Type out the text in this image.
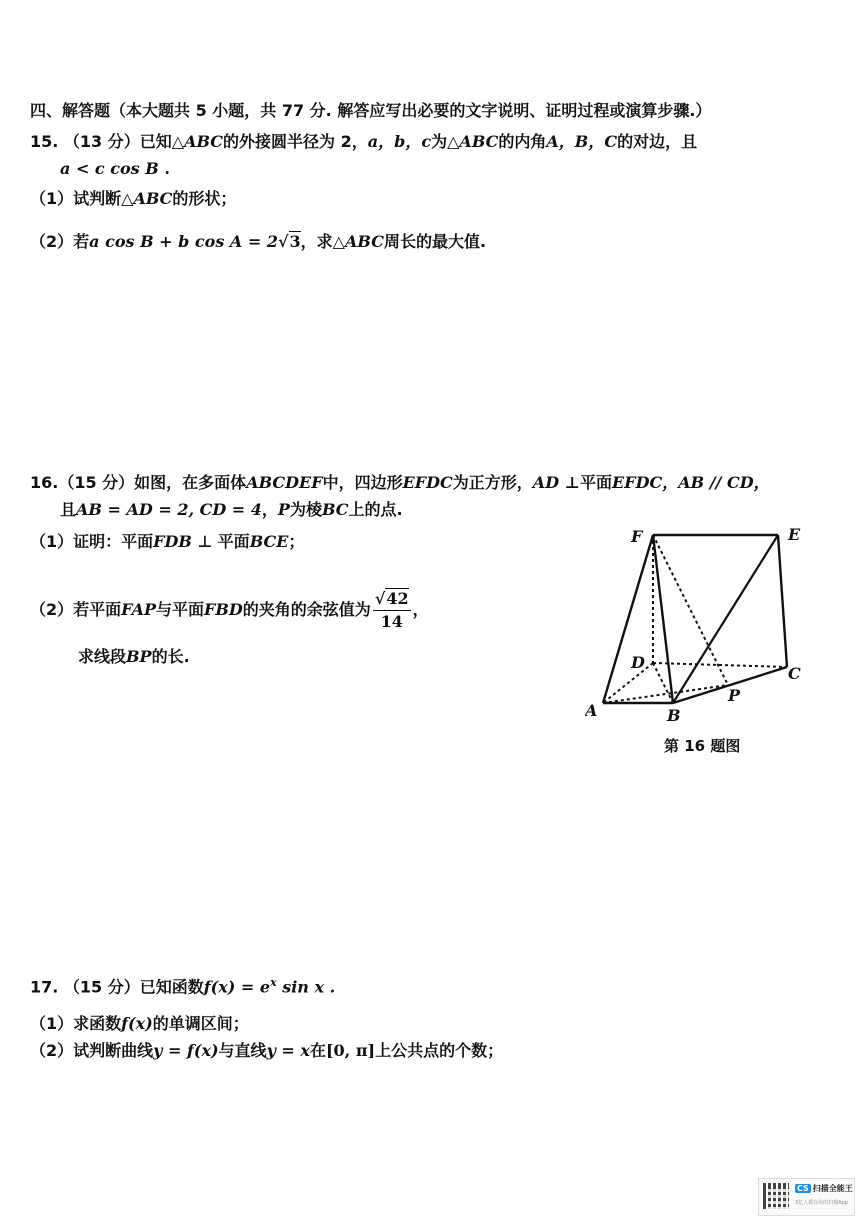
四、解答题（本大题共 5 小题，共 77 分. 解答应写出必要的文字说明、证明过程或演算步骤.）
15. （13 分）已知△ABC的外接圆半径为 2，a，b，c为△ABC的内角A，B，C的对边，且
a < c cos B .
（1）试判断△ABC的形状；
（2）若a cos B + b cos A = 2√3，求△ABC周长的最大值.
16.（15 分）如图，在多面体ABCDEF中，四边形EFDC为正方形，AD ⊥平面EFDC，AB // CD，
且AB = AD = 2, CD = 4，P为棱BC上的点.
（1）证明：平面FDB ⊥ 平面BCE；
（2）若平面FAP与平面FBD的夹角的余弦值为 $\frac{√42}{14}$ ，
求线段BP的长.
F	E
D
C
A	B
P
第 16 题图
17. （15 分）已知函数$f(x) = e^x$ sin x .
（1）求函数f(x)的单调区间；
（2）试判断曲线y = f(x)与直线y = x在[0, π]上公共点的个数；
CS 扫描全能王
3亿人都在用的扫描App
